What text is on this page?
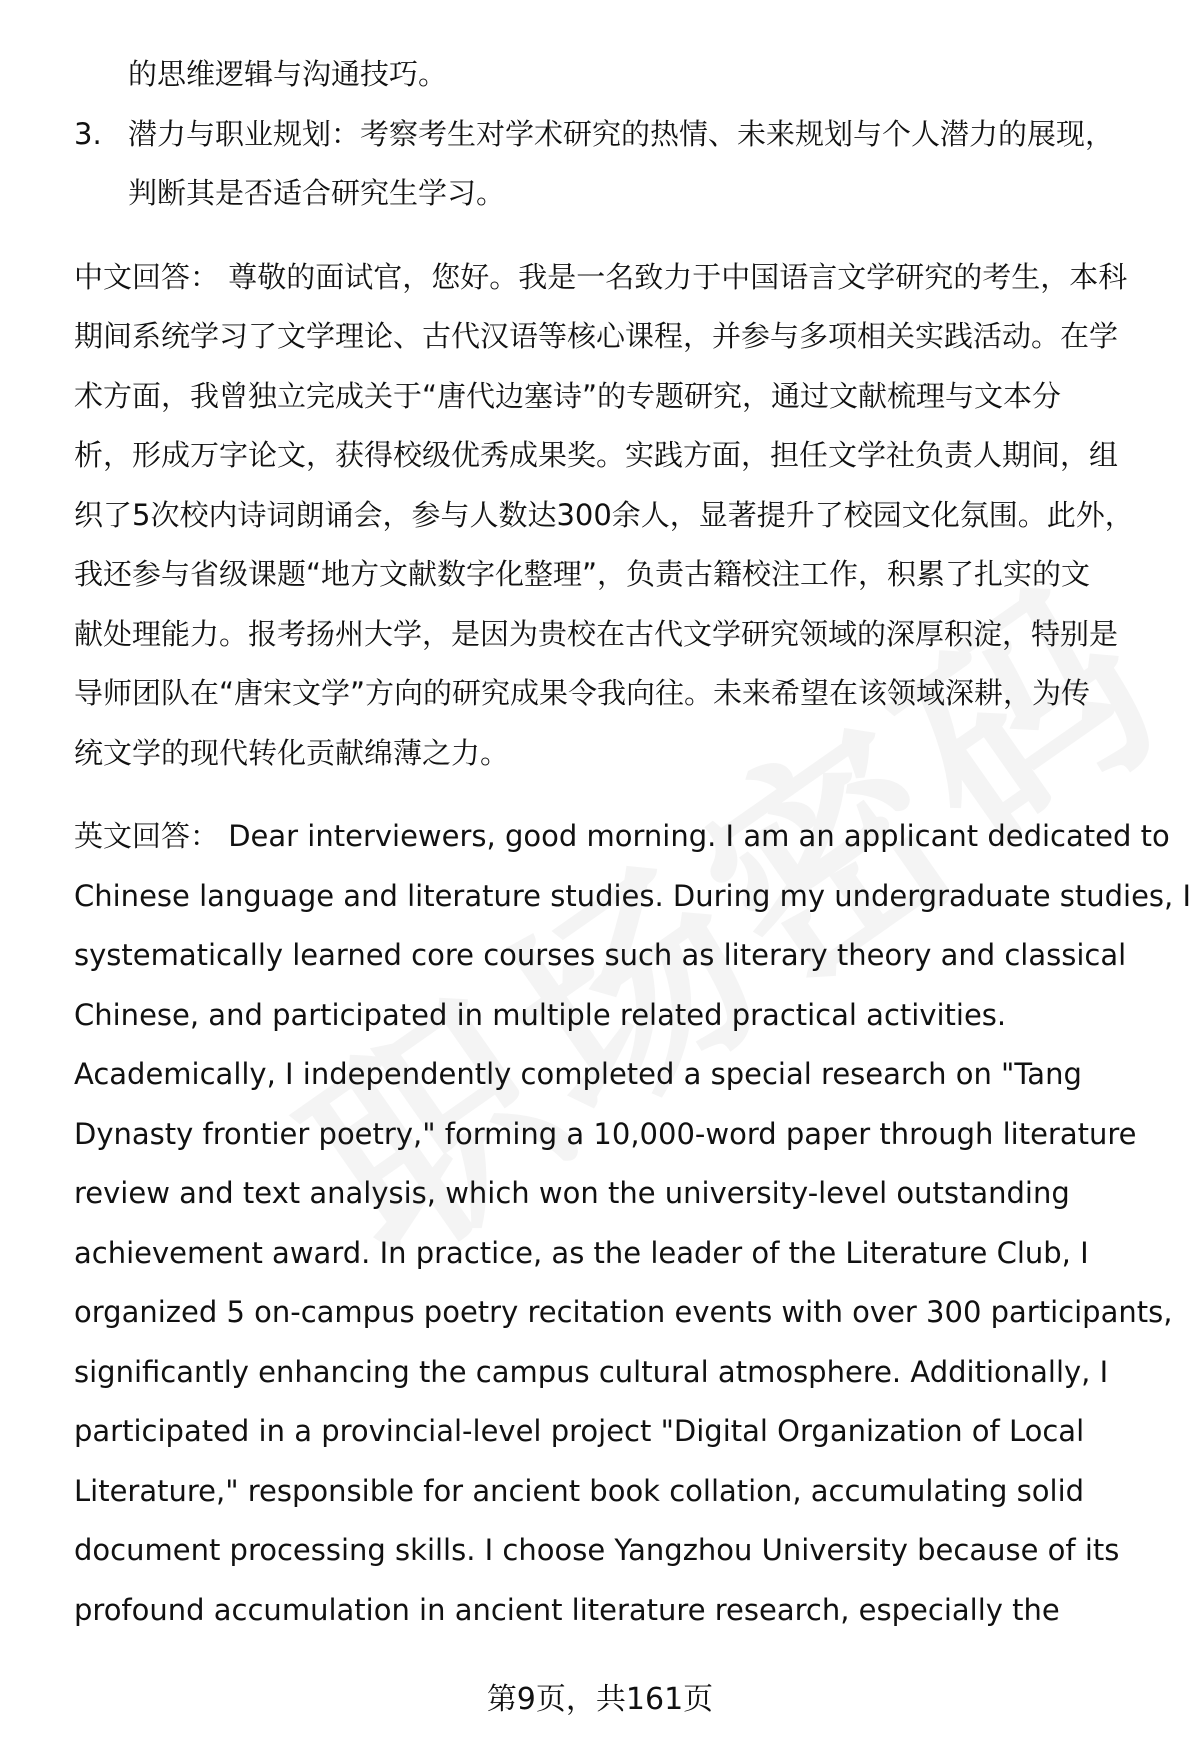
的思维逻辑与沟通技巧。
3. 潜力与职业规划：考察考生对学术研究的热情、未来规划与个人潜力的展现，
判断其是否适合研究生学习。
中文回答： 尊敬的面试官，您好。我是一名致力于中国语言文学研究的考生，本科
期间系统学习了文学理论、古代汉语等核心课程，并参与多项相关实践活动。在学
术方面，我曾独立完成关于“唐代边塞诗”的专题研究，通过文献梳理与文本分
析，形成万字论文，获得校级优秀成果奖。实践方面，担任文学社负责人期间，组
织了5次校内诗词朗诵会，参与人数达300余人，显著提升了校园文化氛围。此外，
我还参与省级课题“地方文献数字化整理”，负责古籍校注工作，积累了扎实的文
献处理能力。报考扬州大学，是因为贵校在古代文学研究领域的深厚积淀，特别是
导师团队在“唐宋文学”方向的研究成果令我向往。未来希望在该领域深耕，为传
统文学的现代转化贡献绵薄之力。
英文回答： Dear interviewers, good morning. I am an applicant dedicated to
Chinese language and literature studies. During my undergraduate studies, I
systematically learned core courses such as literary theory and classical
Chinese, and participated in multiple related practical activities.
Academically, I independently completed a special research on "Tang
Dynasty frontier poetry," forming a 10,000-word paper through literature
review and text analysis, which won the university-level outstanding
achievement award. In practice, as the leader of the Literature Club, I
organized 5 on-campus poetry recitation events with over 300 participants,
significantly enhancing the campus cultural atmosphere. Additionally, I
participated in a provincial-level project "Digital Organization of Local
Literature," responsible for ancient book collation, accumulating solid
document processing skills. I choose Yangzhou University because of its
profound accumulation in ancient literature research, especially the
第9页，共161页
